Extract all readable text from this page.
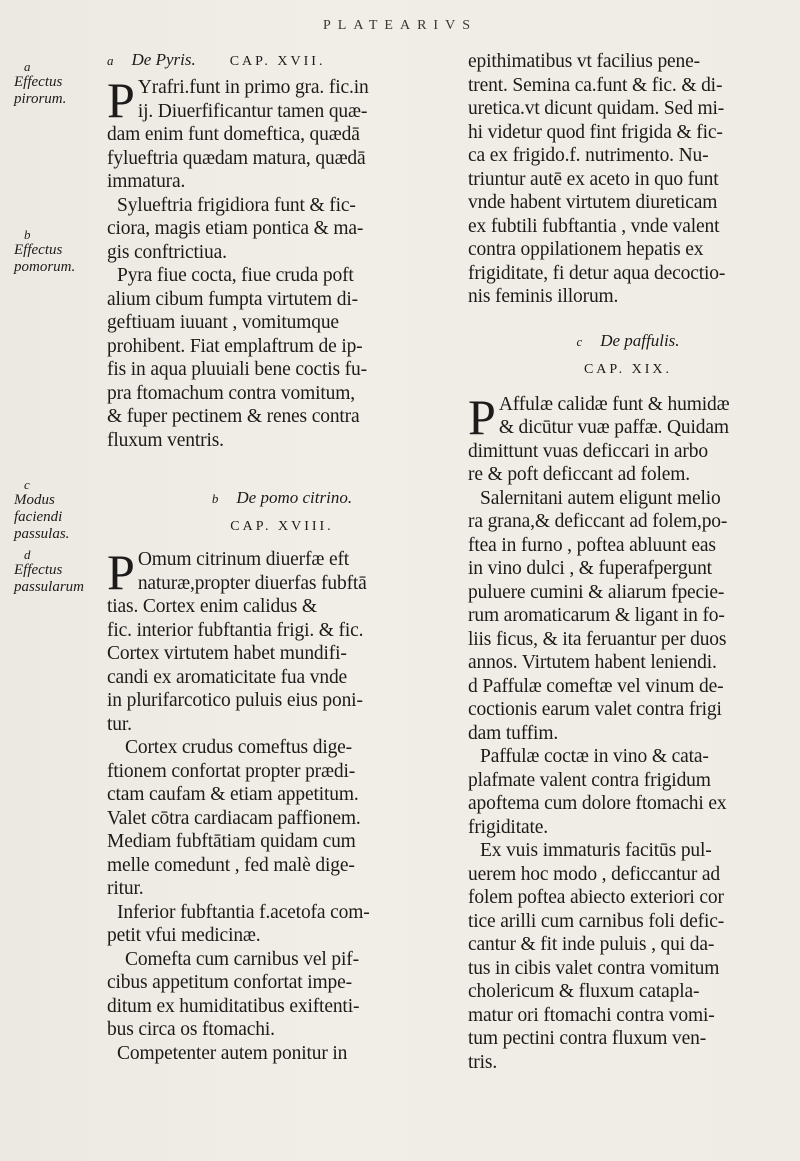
PLATEARIVS
a
Effectus pirorum.
b
Effectus pomorum.
c
Modus faciendi passulas.
d
Effectus passularum
a De Pyris. CAP. XVII.
P Yrafri.funt in primo gra. fic.in
ij. Diuerfificantur tamen quæ-
dam enim funt domeftica, quædā
fylueftria quædam matura, quædā
immatura.
Sylueftria frigidiora funt & fic-
ciora, magis etiam pontica & ma-
gis conftrictiua.
Pyra fiue cocta, fiue cruda poft
alium cibum fumpta virtutem di-
geftiuam iuuant , vomitumque
prohibent. Fiat emplaftrum de ip-
fis in aqua pluuiali bene coctis fu-
pra ftomachum contra vomitum,
& fuper pectinem & renes contra
fluxum ventris.
b De pomo citrino.
CAP. XVIII.
P Omum citrinum diuerfæ eft
naturæ,propter diuerfas fubftā
tias. Cortex enim calidus &
fic. interior fubftantia frigi. & fic.
Cortex virtutem habet mundifi-
candi ex aromaticitate fua vnde
in plurifarcotico puluis eius poni-
tur.
Cortex crudus comeftus dige-
ftionem confortat propter prædi-
ctam caufam & etiam appetitum.
Valet cōtra cardiacam paffionem.
Mediam fubftātiam quidam cum
melle comedunt , fed malè dige-
ritur.
Inferior fubftantia f.acetofa com-
petit vfui medicinæ.
Comefta cum carnibus vel pif-
cibus appetitum confortat impe-
ditum ex humiditatibus exiftenti-
bus circa os ftomachi.
Competenter autem ponitur in
epithimatibus vt facilius pene-
trent. Semina ca.funt & fic. & di-
uretica.vt dicunt quidam. Sed mi-
hi videtur quod fint frigida & fic-
ca ex frigido.f. nutrimento. Nu-
triuntur autē ex aceto in quo funt
vnde habent virtutem diureticam
ex fubtili fubftantia , vnde valent
contra oppilationem hepatis ex
frigiditate, fi detur aqua decoctio-
nis feminis illorum.
c De paffulis.
CAP. XIX.
P Affulæ calidæ funt & humidæ
& dicūtur vuæ paffæ. Quidam
dimittunt vuas deficcari in arbo
re & poft deficcant ad folem.
Salernitani autem eligunt melio
ra grana,& deficcant ad folem,po-
ftea in furno , poftea abluunt eas
in vino dulci , & fuperafpergunt
puluere cumini & aliarum fpecie-
rum aromaticarum & ligant in fo-
liis ficus, & ita feruantur per duos
annos. Virtutem habent leniendi.
d Paffulæ comeftæ vel vinum de-
coctionis earum valet contra frigi
dam tuffim.
Paffulæ coctæ in vino & cata-
plafmate valent contra frigidum
apoftema cum dolore ftomachi ex
frigiditate.
Ex vuis immaturis facitūs pul-
uerem hoc modo , deficcantur ad
folem poftea abiecto exteriori cor
tice arilli cum carnibus foli defic-
cantur & fit inde puluis , qui da-
tus in cibis valet contra vomitum
cholericum & fluxum catapla-
matur ori ftomachi contra vomi-
tum pectini contra fluxum ven-
tris.
